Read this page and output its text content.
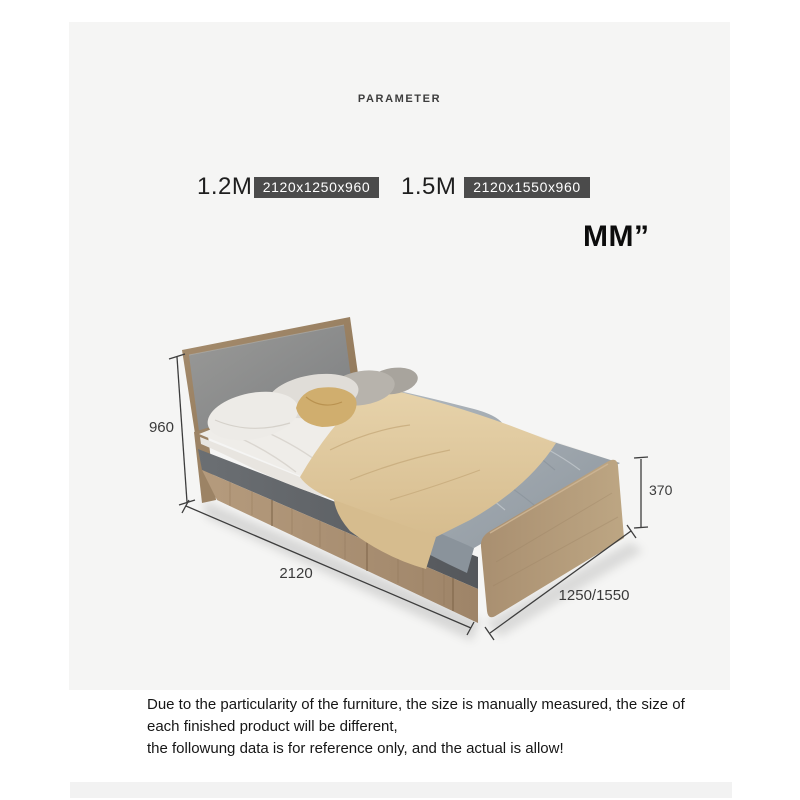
PARAMETER
1.2M 2120x1250x960	1.5M	2120x1550x960
MM”
960
370
2120
1250/1550
Due to the particularity of the furniture, the size is manually measured, the size of
each finished product will be different,
the followung data is for reference only, and the actual is allow!
